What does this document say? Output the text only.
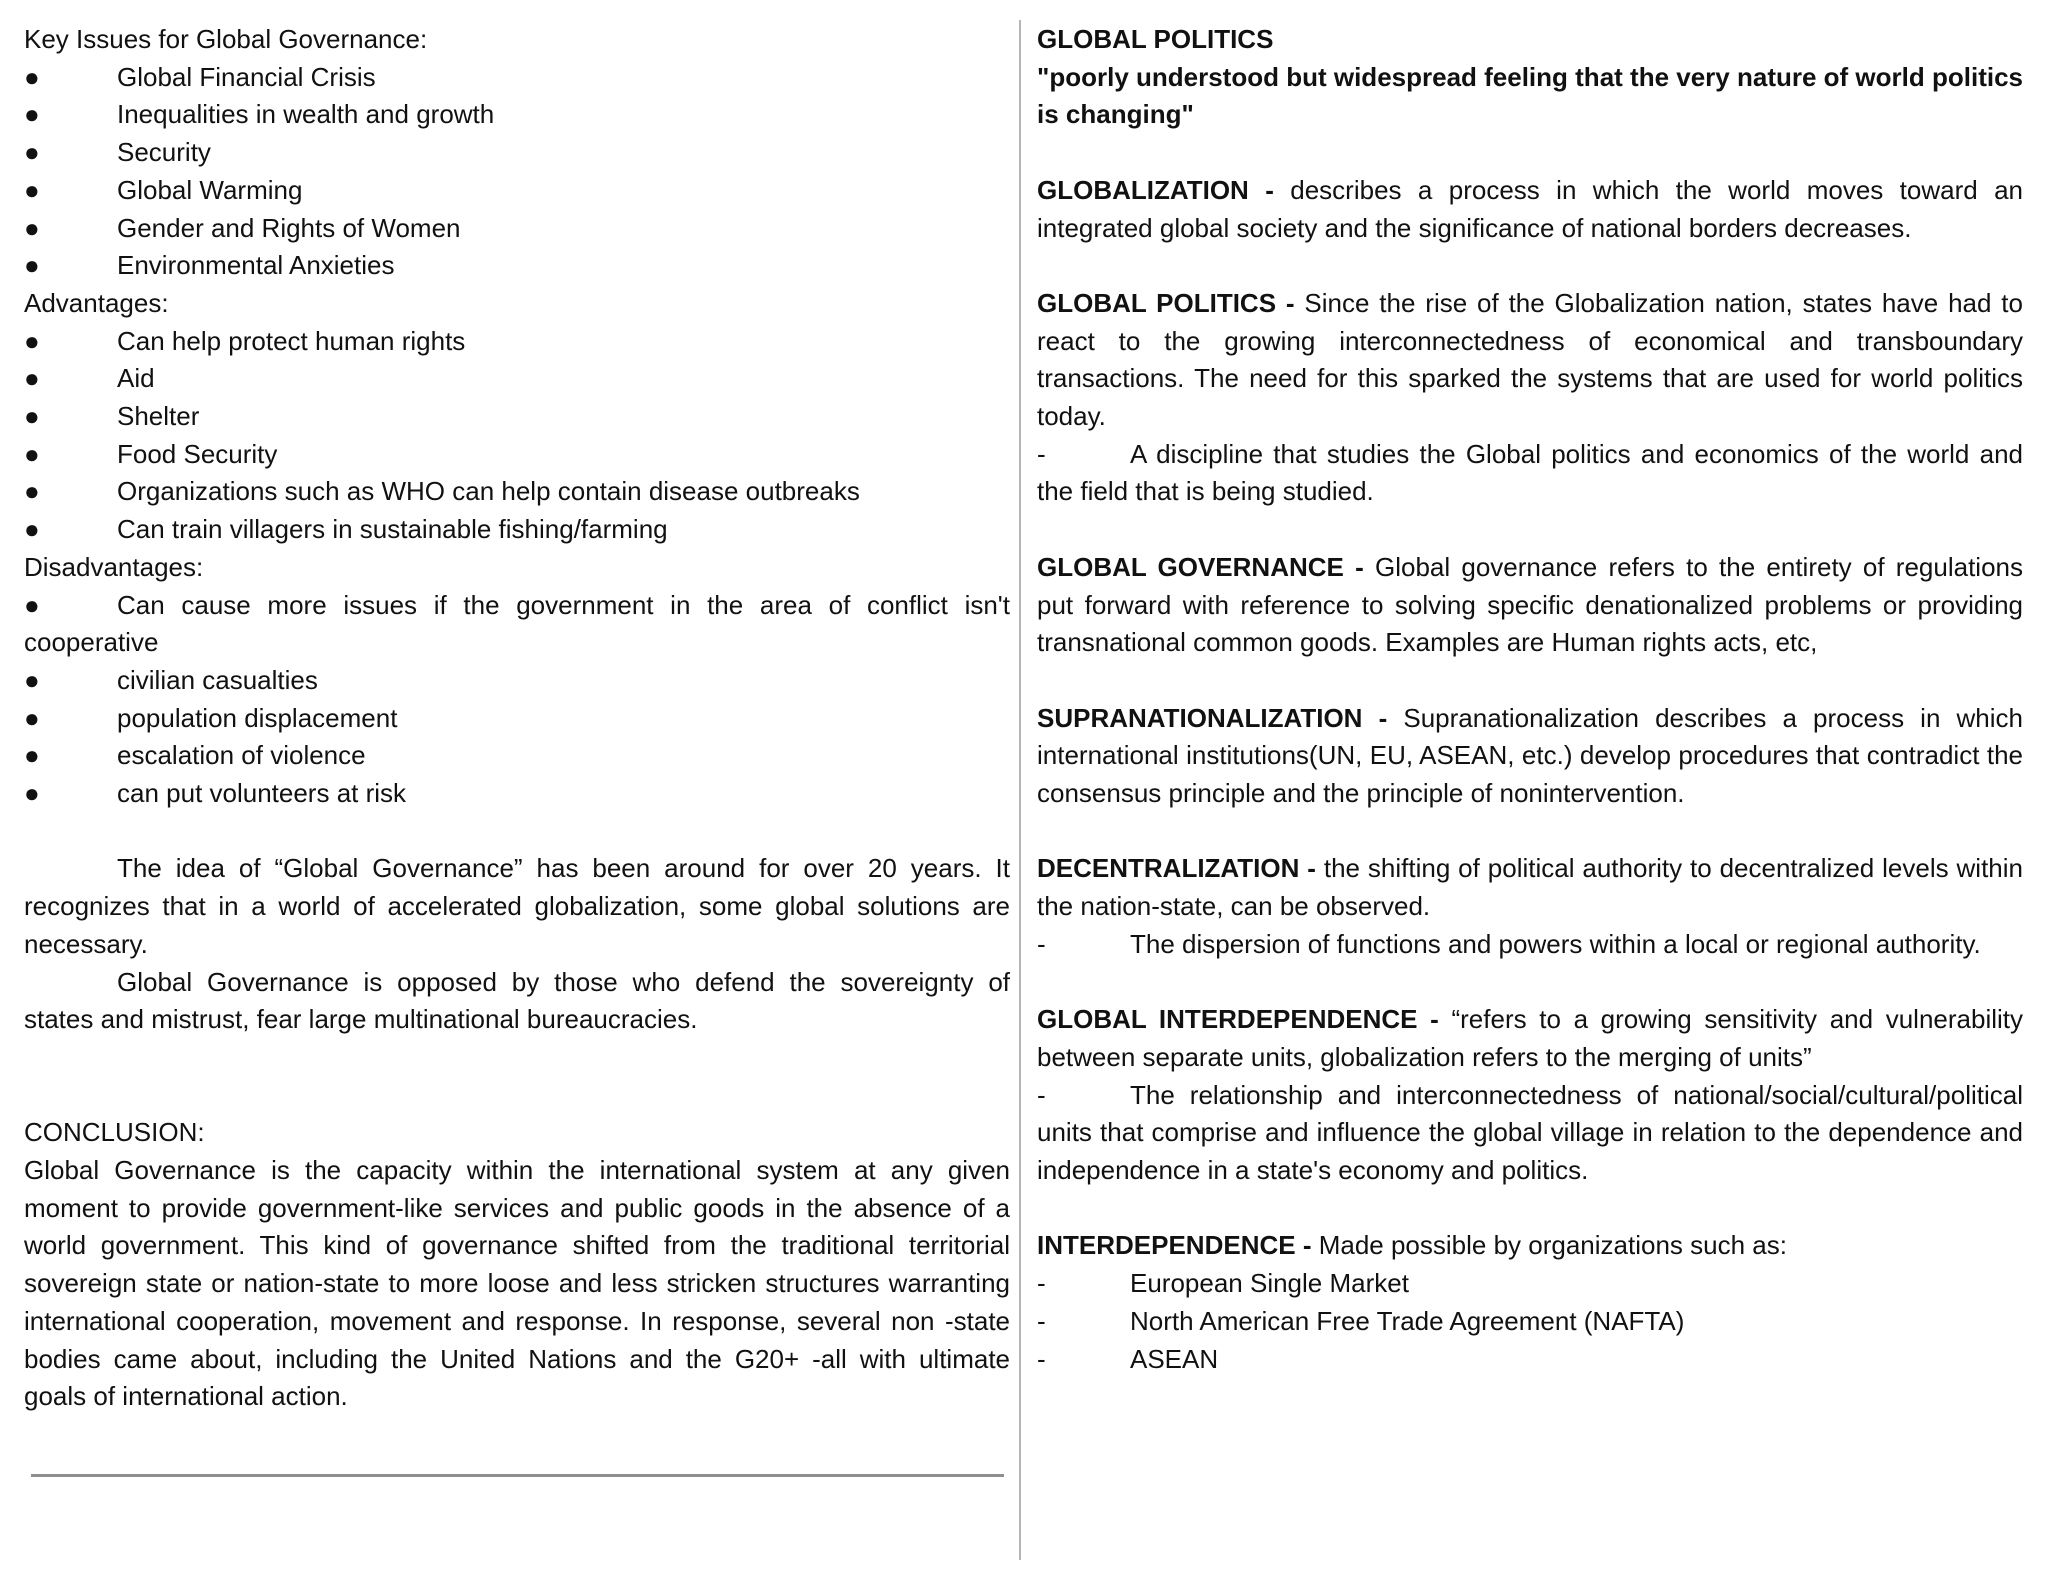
Key Issues for Global Governance:
●	Global Financial Crisis
●	Inequalities in wealth and growth
●	Security
●	Global Warming
●	Gender and Rights of Women
●	Environmental Anxieties
Advantages:
●	Can help protect human rights
●	Aid
●	Shelter
●	Food Security
●	Organizations such as WHO can help contain disease outbreaks
●	Can train villagers in sustainable fishing/farming
Disadvantages:
●	Can cause more issues if the government in the area of conflict isn't cooperative
●	civilian casualties
●	population displacement
●	escalation of violence
●	can put volunteers at risk
The idea of “Global Governance” has been around for over 20 years. It recognizes that in a world of accelerated globalization, some global solutions are necessary.
Global Governance is opposed by those who defend the sovereignty of states and mistrust, fear large multinational bureaucracies.
CONCLUSION:
Global Governance is the capacity within the international system at any given moment to provide government-like services and public goods in the absence of a world government. This kind of governance shifted from the traditional territorial sovereign state or nation-state to more loose and less stricken structures warranting international cooperation, movement and response. In response, several non -state bodies came about, including the United Nations and the G20+ -all with ultimate goals of international action.
GLOBAL POLITICS
"poorly understood but widespread feeling that the very nature of world politics is changing"
GLOBALIZATION - describes a process in which the world moves toward an integrated global society and the significance of national borders decreases.
GLOBAL POLITICS - Since the rise of the Globalization nation, states have had to react to the growing interconnectedness of economical and transboundary transactions. The need for this sparked the systems that are used for world politics today.
-	A discipline that studies the Global politics and economics of the world and the field that is being studied.
GLOBAL GOVERNANCE - Global governance refers to the entirety of regulations put forward with reference to solving specific denationalized problems or providing transnational common goods. Examples are Human rights acts, etc,
SUPRANATIONALIZATION - Supranationalization describes a process in which international institutions(UN, EU, ASEAN, etc.) develop procedures that contradict the consensus principle and the principle of nonintervention.
DECENTRALIZATION - the shifting of political authority to decentralized levels within the nation-state, can be observed.
-	The dispersion of functions and powers within a local or regional authority.
GLOBAL INTERDEPENDENCE - “refers to a growing sensitivity and vulnerability between separate units, globalization refers to the merging of units”
-	The relationship and interconnectedness of national/social/cultural/political units that comprise and influence the global village in relation to the dependence and independence in a state's economy and politics.
INTERDEPENDENCE - Made possible by organizations such as:
-	European Single Market
-	North American Free Trade Agreement (NAFTA)
-	ASEAN
